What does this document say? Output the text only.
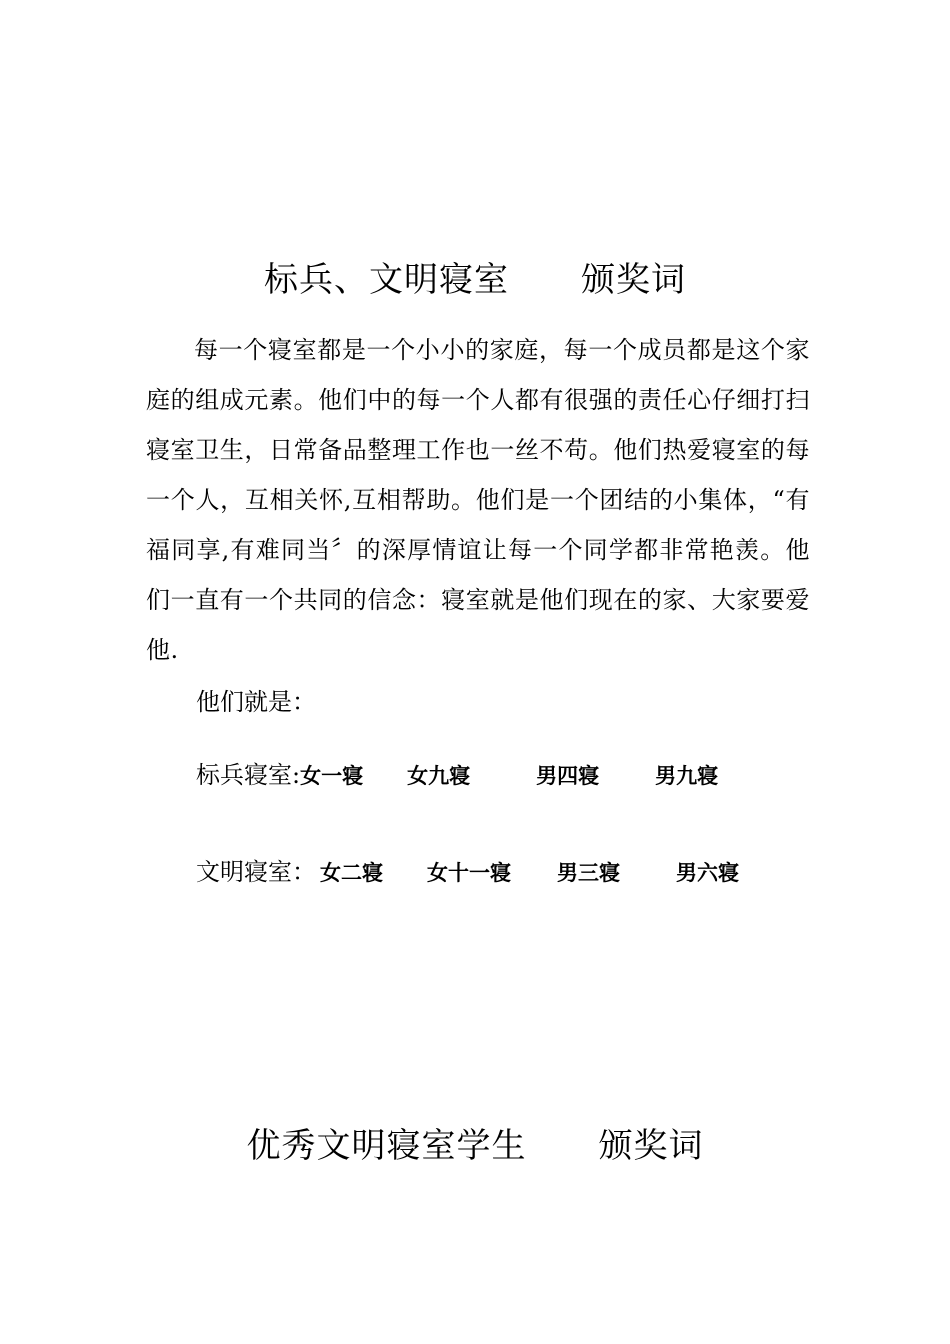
标兵、文明寝室 颁奖词
每一个寝室都是一个小小的家庭，每一个成员都是这个家庭的组成元素。他们中的每一个人都有很强的责任心仔细打扫寝室卫生，日常备品整理工作也一丝不苟。他们热爱寝室的每一个人，互相关怀,互相帮助。他们是一个团结的小集体，“有福同享,有难同当〞的深厚情谊让每一个同学都非常艳羡。他们一直有一个共同的信念：寝室就是他们现在的家、大家要爱他.
他们就是：
标兵寝室:女一寝 女九寝	男四寝	男九寝
文明寝室： 女二寝 女十一寝 男三寝	男六寝
优秀文明寝室学生 颁奖词
